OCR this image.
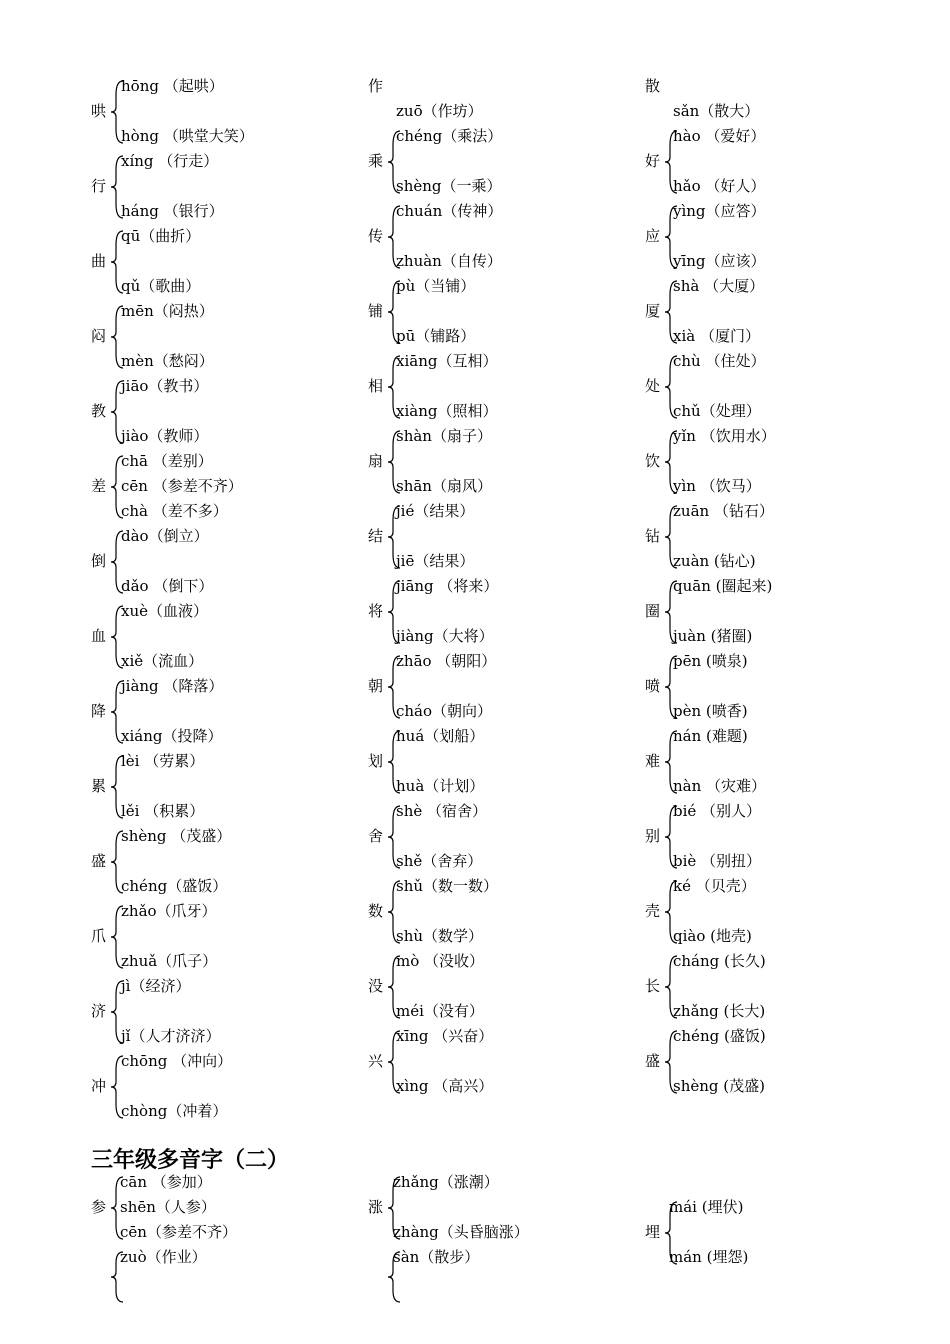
哄
hōng （起哄）
hòng （哄堂大笑）
行
xíng （行走）
háng （银行）
曲
qū（曲折）
qǔ（歌曲）
闷
mēn（闷热）
mèn（愁闷）
教
jiāo（教书）
jiào（教师）
差
chā （差别）
cēn （参差不齐）
chà （差不多）
倒
dào（倒立）
dǎo （倒下）
血
xuè（血液）
xiě（流血）
降
jiàng （降落）
xiáng（投降）
累
lèi （劳累）
lěi （积累）
盛
shèng （茂盛）
chéng（盛饭）
爪
zhǎo（爪牙）
zhuǎ（爪子）
济
jì（经济）
jǐ（人才济济）
冲
chōng （冲向）
chòng（冲着）
作
zuō（作坊）
乘
chéng（乘法）
shèng（一乘）
传
chuán（传神）
zhuàn（自传）
铺
pù（当铺）
pū（铺路）
相
xiāng（互相）
xiàng（照相）
扇
shàn（扇子）
shān（扇风）
结
jié（结果）
jiē（结果）
将
jiāng （将来）
jiàng（大将）
朝
zhāo （朝阳）
cháo（朝向）
划
huá（划船）
huà（计划）
舍
shè （宿舍）
shě（舍弃）
数
shǔ（数一数）
shù（数学）
没
mò （没收）
méi（没有）
兴
xīng （兴奋）
xìng （高兴）
散
sǎn（散大）
好
hào （爱好）
hǎo （好人）
应
yìng（应答）
yīng（应该）
厦
shà （大厦）
xià （厦门）
处
chù （住处）
chǔ（处理）
饮
yǐn （饮用水）
yìn （饮马）
钻
zuān （钻石）
zuàn (钻心)
圈
quān (圈起来)
juàn (猪圈)
喷
pēn (喷泉)
pèn (喷香)
难
nán (难题)
nàn （灾难）
别
bié （别人）
biè （别扭）
壳
ké （贝壳）
qiào (地壳)
长
cháng (长久)
zhǎng (长大)
盛
chéng (盛饭)
shèng (茂盛)
参
cān （参加）
shēn（人参）
cēn（参差不齐）
zuò（作业）
涨
zhǎng（涨潮）
zhàng（头昏脑涨）
sàn（散步）
埋
mái (埋伏)
mán (埋怨)
三年级多音字（二）
